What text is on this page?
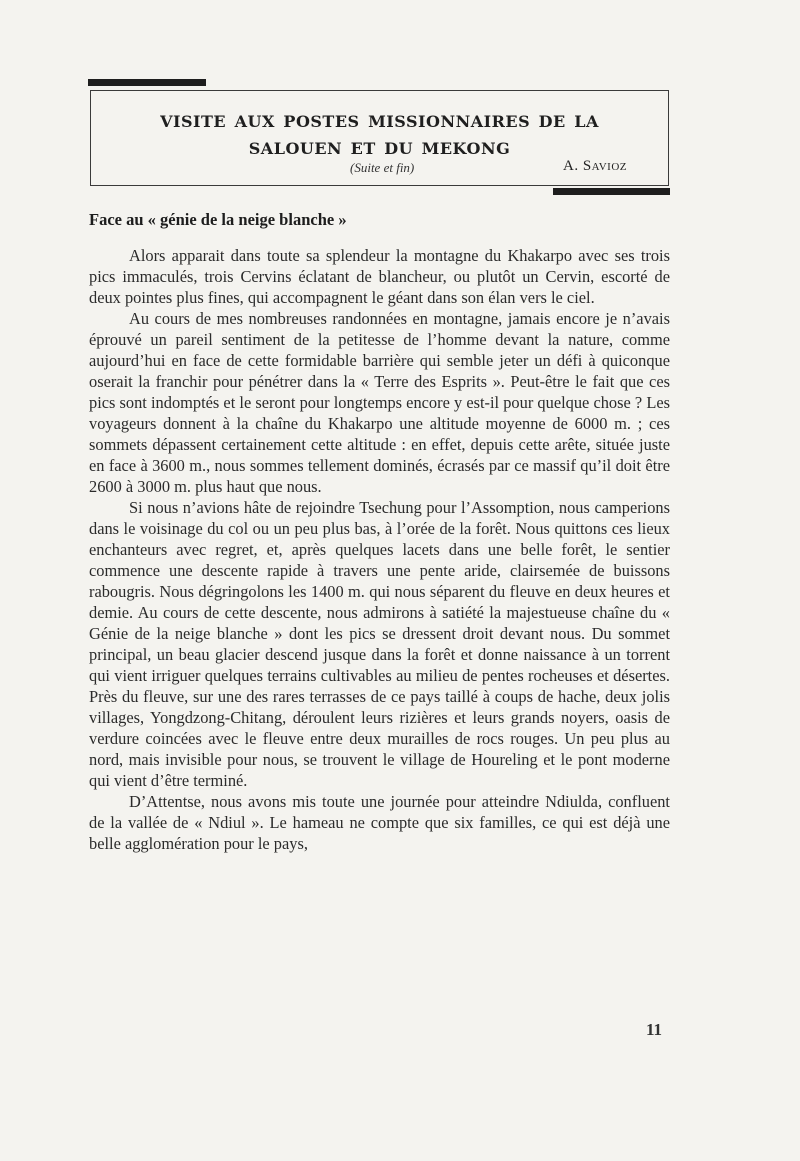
visite aux postes missionnaires de la
salouen et du mekong
(Suite et fin)	A. Savioz
Face au « génie de la neige blanche »

Alors apparait dans toute sa splendeur la montagne du Khakarpo avec ses trois pics immaculés, trois Cervins éclatant de blancheur, ou plutôt un Cervin, escorté de deux pointes plus fines, qui accompagnent le géant dans son élan vers le ciel.

Au cours de mes nombreuses randonnées en montagne, jamais encore je n’avais éprouvé un pareil sentiment de la petitesse de l’homme devant la nature, comme aujourd’hui en face de cette formidable barrière qui semble jeter un défi à quiconque oserait la franchir pour pénétrer dans la « Terre des Esprits ». Peut-être le fait que ces pics sont indomptés et le seront pour longtemps encore y est-il pour quelque chose ? Les voyageurs donnent à la chaîne du Khakarpo une altitude moyenne de 6000 m. ; ces sommets dépassent certainement cette altitude : en effet, depuis cette arête, située juste en face à 3600 m., nous sommes tellement dominés, écrasés par ce massif qu’il doit être 2600 à 3000 m. plus haut que nous.

Si nous n’avions hâte de rejoindre Tsechung pour l’Assomption, nous camperions dans le voisinage du col ou un peu plus bas, à l’orée de la forêt. Nous quittons ces lieux enchanteurs avec regret, et, après quelques lacets dans une belle forêt, le sentier commence une descente rapide à travers une pente aride, clairsemée de buissons rabougris. Nous dégringolons les 1400 m. qui nous séparent du fleuve en deux heures et demie. Au cours de cette descente, nous admirons à satiété la majestueuse chaîne du « Génie de la neige blanche » dont les pics se dressent droit devant nous. Du sommet principal, un beau glacier descend jusque dans la forêt et donne naissance à un torrent qui vient irriguer quelques terrains cultivables au milieu de pentes rocheuses et désertes. Près du fleuve, sur une des rares terrasses de ce pays taillé à coups de hache, deux jolis villages, Yongdzong-Chitang, déroulent leurs rizières et leurs grands noyers, oasis de verdure coincées avec le fleuve entre deux murailles de rocs rouges. Un peu plus au nord, mais invisible pour nous, se trouvent le village de Houreling et le pont moderne qui vient d’être terminé.

D’Attentse, nous avons mis toute une journée pour atteindre Ndiulda, confluent de la vallée de « Ndiul ». Le hameau ne compte que six familles, ce qui est déjà une belle agglomération pour le pays,

11
